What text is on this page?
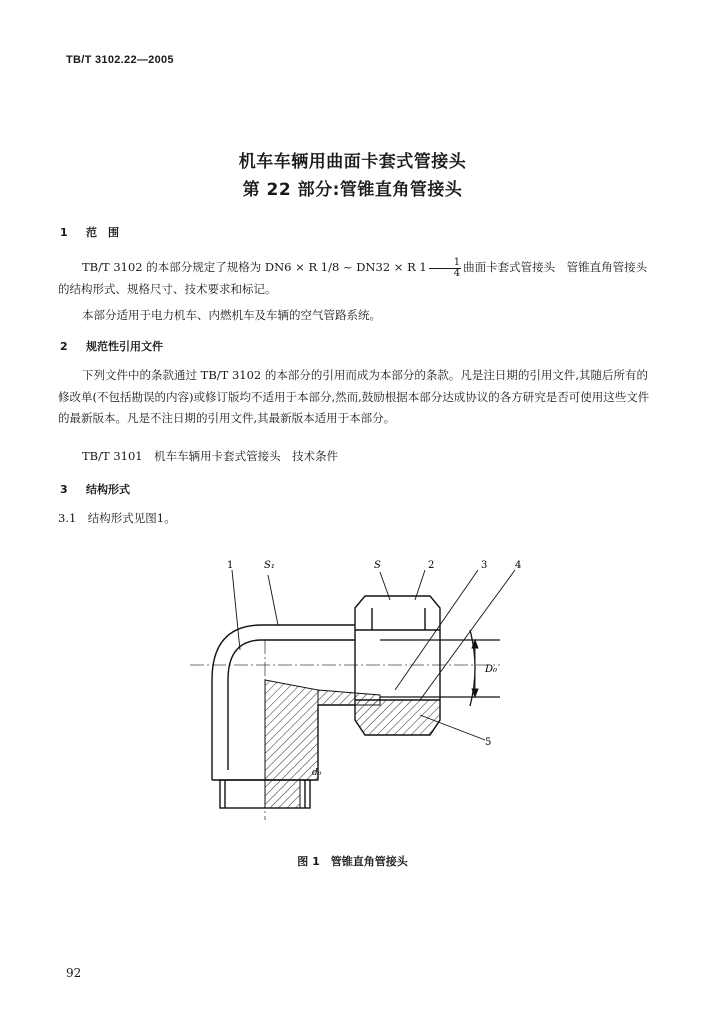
TB/T 3102.22—2005
机车车辆用曲面卡套式管接头
第 22 部分:管锥直角管接头
1 范　围
TB/T 3102 的本部分规定了规格为 DN6 × R 1/8 ~ DN32 × R $1 \frac{1}{4}$ 曲面卡套式管接头　管锥直角管接头的结构形式、规格尺寸、技术要求和标记。
本部分适用于电力机车、内燃机车及车辆的空气管路系统。
2 规范性引用文件
下列文件中的条款通过 TB/T 3102 的本部分的引用而成为本部分的条款。凡是注日期的引用文件,其随后所有的修改单(不包括勘误的内容)或修订版均不适用于本部分,然而,鼓励根据本部分达成协议的各方研究是否可使用这些文件的最新版本。凡是不注日期的引用文件,其最新版本适用于本部分。
TB/T 3101　机车车辆用卡套式管接头　技术条件
3 结构形式
3.1　结构形式见图1。
1	2	3	4
5
S₁	S
D₀
d₀
图 1　管锥直角管接头
92
